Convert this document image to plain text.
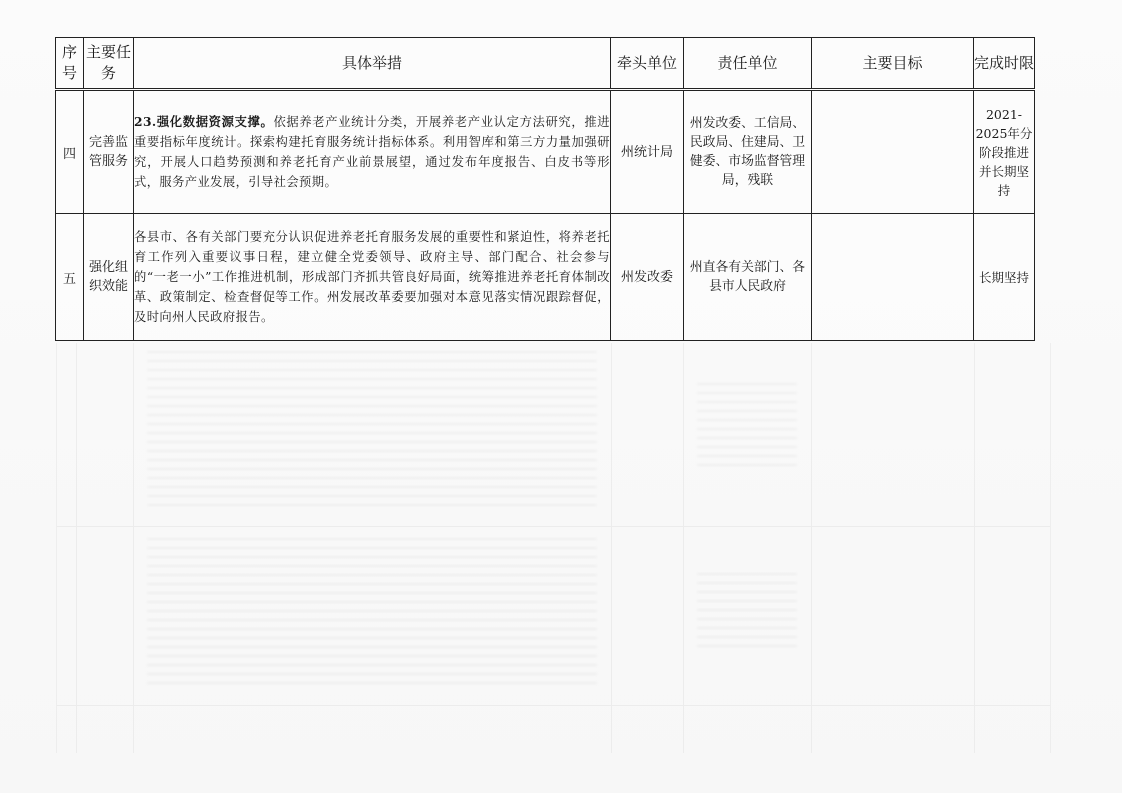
序号	主要任务	具体举措	牵头单位	责任单位	主要目标	完成时限
四	完善监管服务	23.强化数据资源支撑。依据养老产业统计分类，开展养老产业认定方法研究，推进重要指标年度统计。探索构建托育服务统计指标体系。利用智库和第三方力量加强研究，开展人口趋势预测和养老托育产业前景展望，通过发布年度报告、白皮书等形式，服务产业发展，引导社会预期。	州统计局	州发改委、工信局、民政局、住建局、卫健委、市场监督管理局，残联		2021-2025年分阶段推进并长期坚持
五	强化组织效能	各县市、各有关部门要充分认识促进养老托育服务发展的重要性和紧迫性，将养老托育工作列入重要议事日程，建立健全党委领导、政府主导、部门配合、社会参与的“一老一小”工作推进机制，形成部门齐抓共管良好局面，统筹推进养老托育体制改革、政策制定、检查督促等工作。州发展改革委要加强对本意见落实情况跟踪督促，及时向州人民政府报告。	州发改委	州直各有关部门、各县市人民政府		长期坚持
